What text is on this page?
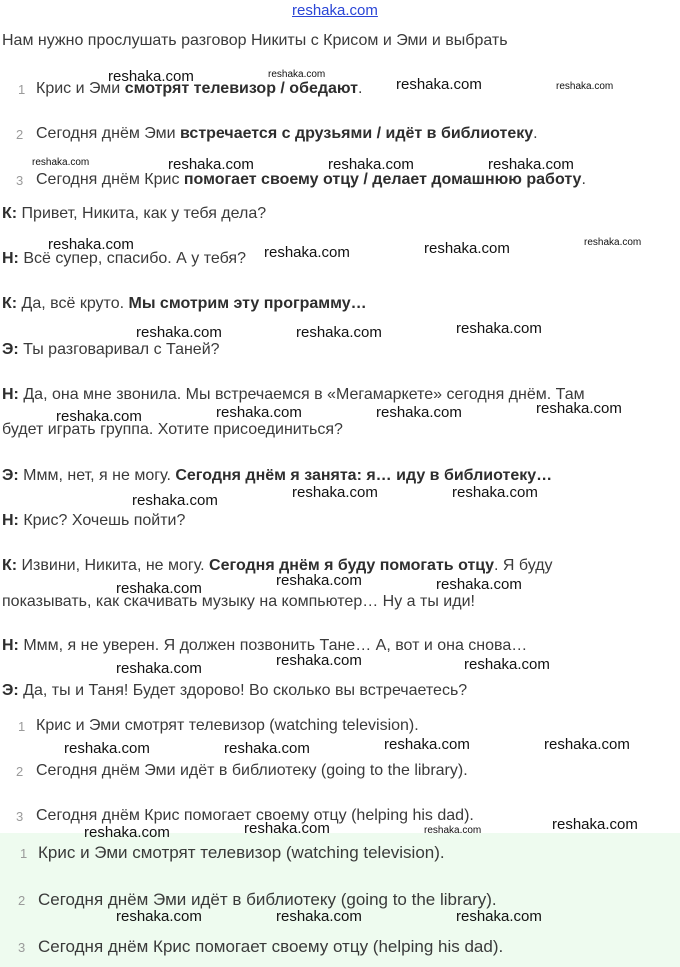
reshaka.com
Нам нужно прослушать разговор Никиты с Крисом и Эми и выбрать
1 Крис и Эми смотрят телевизор / обедают.
2 Сегодня днём Эми встречается с друзьями / идёт в библиотеку.
3 Сегодня днём Крис помогает своему отцу / делает домашнюю работу.
К: Привет, Никита, как у тебя дела?
Н: Всё супер, спасибо. А у тебя?
К: Да, всё круто. Мы смотрим эту программу…
Э: Ты разговаривал с Таней?
Н: Да, она мне звонила. Мы встречаемся в «Мегамаркете» сегодня днём. Там
будет играть группа. Хотите присоединиться?
Э: Ммм, нет, я не могу. Сегодня днём я занята: я… иду в библиотеку…
Н: Крис? Хочешь пойти?
К: Извини, Никита, не могу. Сегодня днём я буду помогать отцу. Я буду
показывать, как скачивать музыку на компьютер… Ну а ты иди!
Н: Ммм, я не уверен. Я должен позвонить Тане… А, вот и она снова…
Э: Да, ты и Таня! Будет здорово! Во сколько вы встречаетесь?
1 Крис и Эми смотрят телевизор (watching television).
2 Сегодня днём Эми идёт в библиотеку (going to the library).
3 Сегодня днём Крис помогает своему отцу (helping his dad).
1 Крис и Эми смотрят телевизор (watching television).
2 Сегодня днём Эми идёт в библиотеку (going to the library).
3 Сегодня днём Крис помогает своему отцу (helping his dad).
reshaka.com	reshaka.com
reshaka.com	reshaka.com
reshaka.com	reshaka.com	reshaka.com	reshaka.com
reshaka.com	reshaka.com	reshaka.com	reshaka.com
reshaka.com	reshaka.com	reshaka.com
reshaka.com	reshaka.com	reshaka.com	reshaka.com
reshaka.com	reshaka.com
reshaka.com
reshaka.com	reshaka.com
reshaka.com
reshaka.com
reshaka.com	reshaka.com
reshaka.com	reshaka.com	reshaka.com	reshaka.com
reshaka.com	reshaka.com	reshaka.com	reshaka.com
reshaka.com	reshaka.com	reshaka.com
